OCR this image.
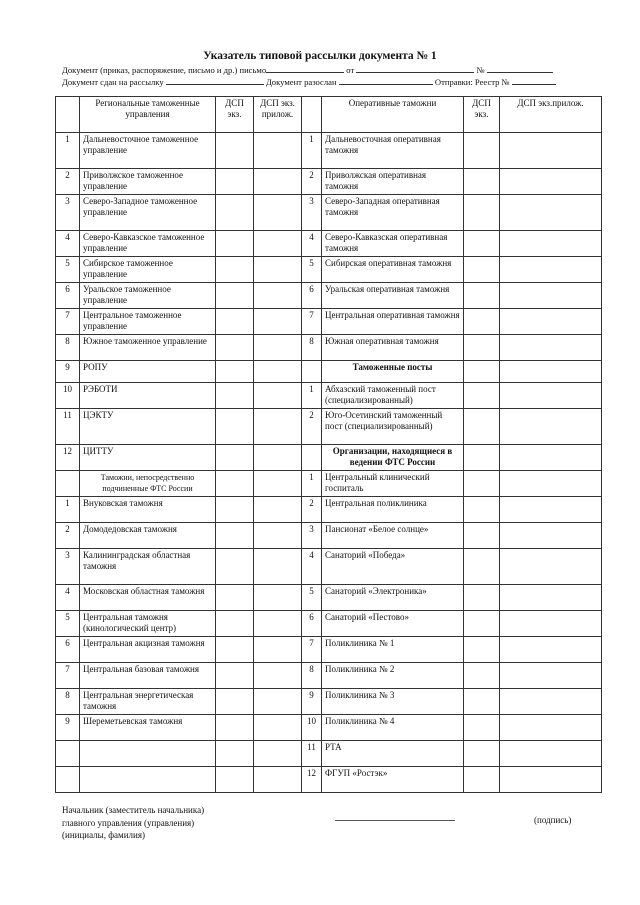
Указатель типовой рассылки документа № 1
Документ (приказ, распоряжение, письмо и др.) письмо	от	№
Документ сдан на рассылку	Документ разослан	Отправки: Реестр №
	Региональные таможенные управления	ДСП экз.	ДСП экз. прилож.		Оперативные таможни	ДСП экз.	ДСП экз.прилож.
1	Дальневосточное таможенное управление			1	Дальневосточная оперативная таможня		
2	Приволжское таможенное управление			2	Приволжская оперативная таможня		
3	Северо-Западное таможенное управление			3	Северо-Западная оперативная таможня		
4	Северо-Кавказское таможенное управление			4	Северо-Кавказская оперативная таможня		
5	Сибирское таможенное управление			5	Сибирская оперативная таможня		
6	Уральское таможенное управление			6	Уральская оперативная таможня		
7	Центральное таможенное управление			7	Центральная оперативная таможня		
8	Южное таможенное управление			8	Южная оперативная таможня		
9	РОПУ				Таможенные посты		
10	РЭБОТИ			1	Абхазский таможенный пост (специализированный)		
11	ЦЭКТУ			2	Юго-Осетинский таможенный пост (специализированный)		
12	ЦИТТУ				Организации, находящиеся в ведении ФТС России		
	Таможни, непосредственно подчиненные ФТС России			1	Центральный клинический госпиталь		
1	Внуковская таможня			2	Центральная поликлиника		
2	Домодедовская таможня			3	Пансионат «Белое солнце»		
3	Калининградская областная таможня			4	Санаторий «Победа»		
4	Московская областная таможня			5	Санаторий «Электроника»		
5	Центральная таможня (кинологический центр)			6	Санаторий «Пестово»		
6	Центральная акцизная таможня			7	Поликлиника № 1		
7	Центральная базовая таможня			8	Поликлиника № 2		
8	Центральная энергетическая таможня			9	Поликлиника № 3		
9	Шереметьевская таможня			10	Поликлиника № 4		
				11	РТА		
				12	ФГУП «Ростэк»		
Начальник (заместитель начальника)
главного управления (управления)
(инициалы, фамилия)
(подпись)
